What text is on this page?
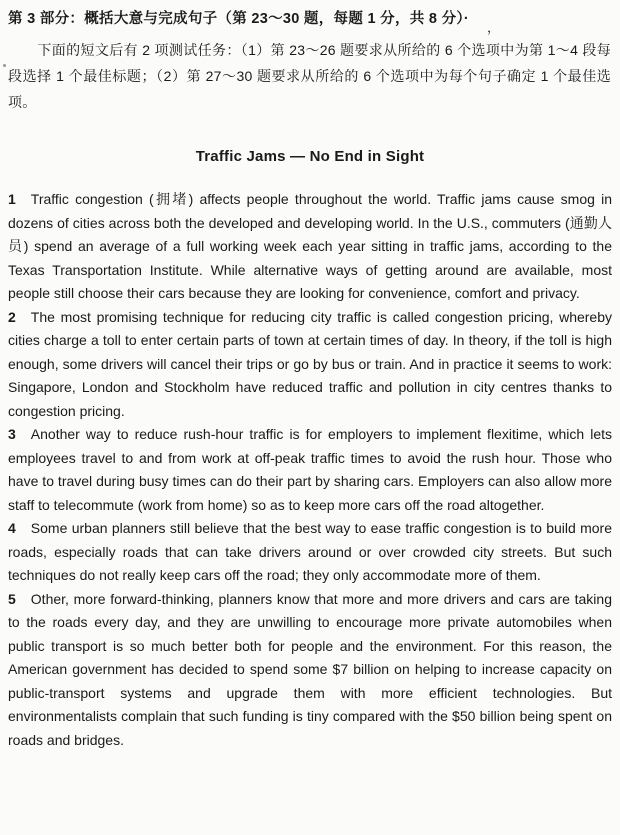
第 3 部分：概括大意与完成句子（第 23～30 题，每题 1 分，共 8 分）·
，
下面的短文后有 2 项测试任务：（1）第 23～26 题要求从所给的 6 个选项中为第 1～4 段每段选择 1 个最佳标题；（2）第 27～30 题要求从所给的 6 个选项中为每个句子确定 1 个最佳选项。
Traffic Jams — No End in Sight

1 Traffic congestion (拥堵) affects people throughout the world. Traffic jams cause smog in dozens of cities across both the developed and developing world. In the U.S., commuters (通勤人员) spend an average of a full working week each year sitting in traffic jams, according to the Texas Transportation Institute. While alternative ways of getting around are available, most people still choose their cars because they are looking for convenience, comfort and privacy.

2 The most promising technique for reducing city traffic is called congestion pricing, whereby cities charge a toll to enter certain parts of town at certain times of day. In theory, if the toll is high enough, some drivers will cancel their trips or go by bus or train. And in practice it seems to work: Singapore, London and Stockholm have reduced traffic and pollution in city centres thanks to congestion pricing.

3 Another way to reduce rush-hour traffic is for employers to implement flexitime, which lets employees travel to and from work at off-peak traffic times to avoid the rush hour. Those who have to travel during busy times can do their part by sharing cars. Employers can also allow more staff to telecommute (work from home) so as to keep more cars off the road altogether.

4 Some urban planners still believe that the best way to ease traffic congestion is to build more roads, especially roads that can take drivers around or over crowded city streets. But such techniques do not really keep cars off the road; they only accommodate more of them.

5 Other, more forward-thinking, planners know that more and more drivers and cars are taking to the roads every day, and they are unwilling to encourage more private automobiles when public transport is so much better both for people and the environment. For this reason, the American government has decided to spend some $7 billion on helping to increase capacity on public-transport systems and upgrade them with more efficient technologies. But environmentalists complain that such funding is tiny compared with the $50 billion being spent on roads and bridges.
